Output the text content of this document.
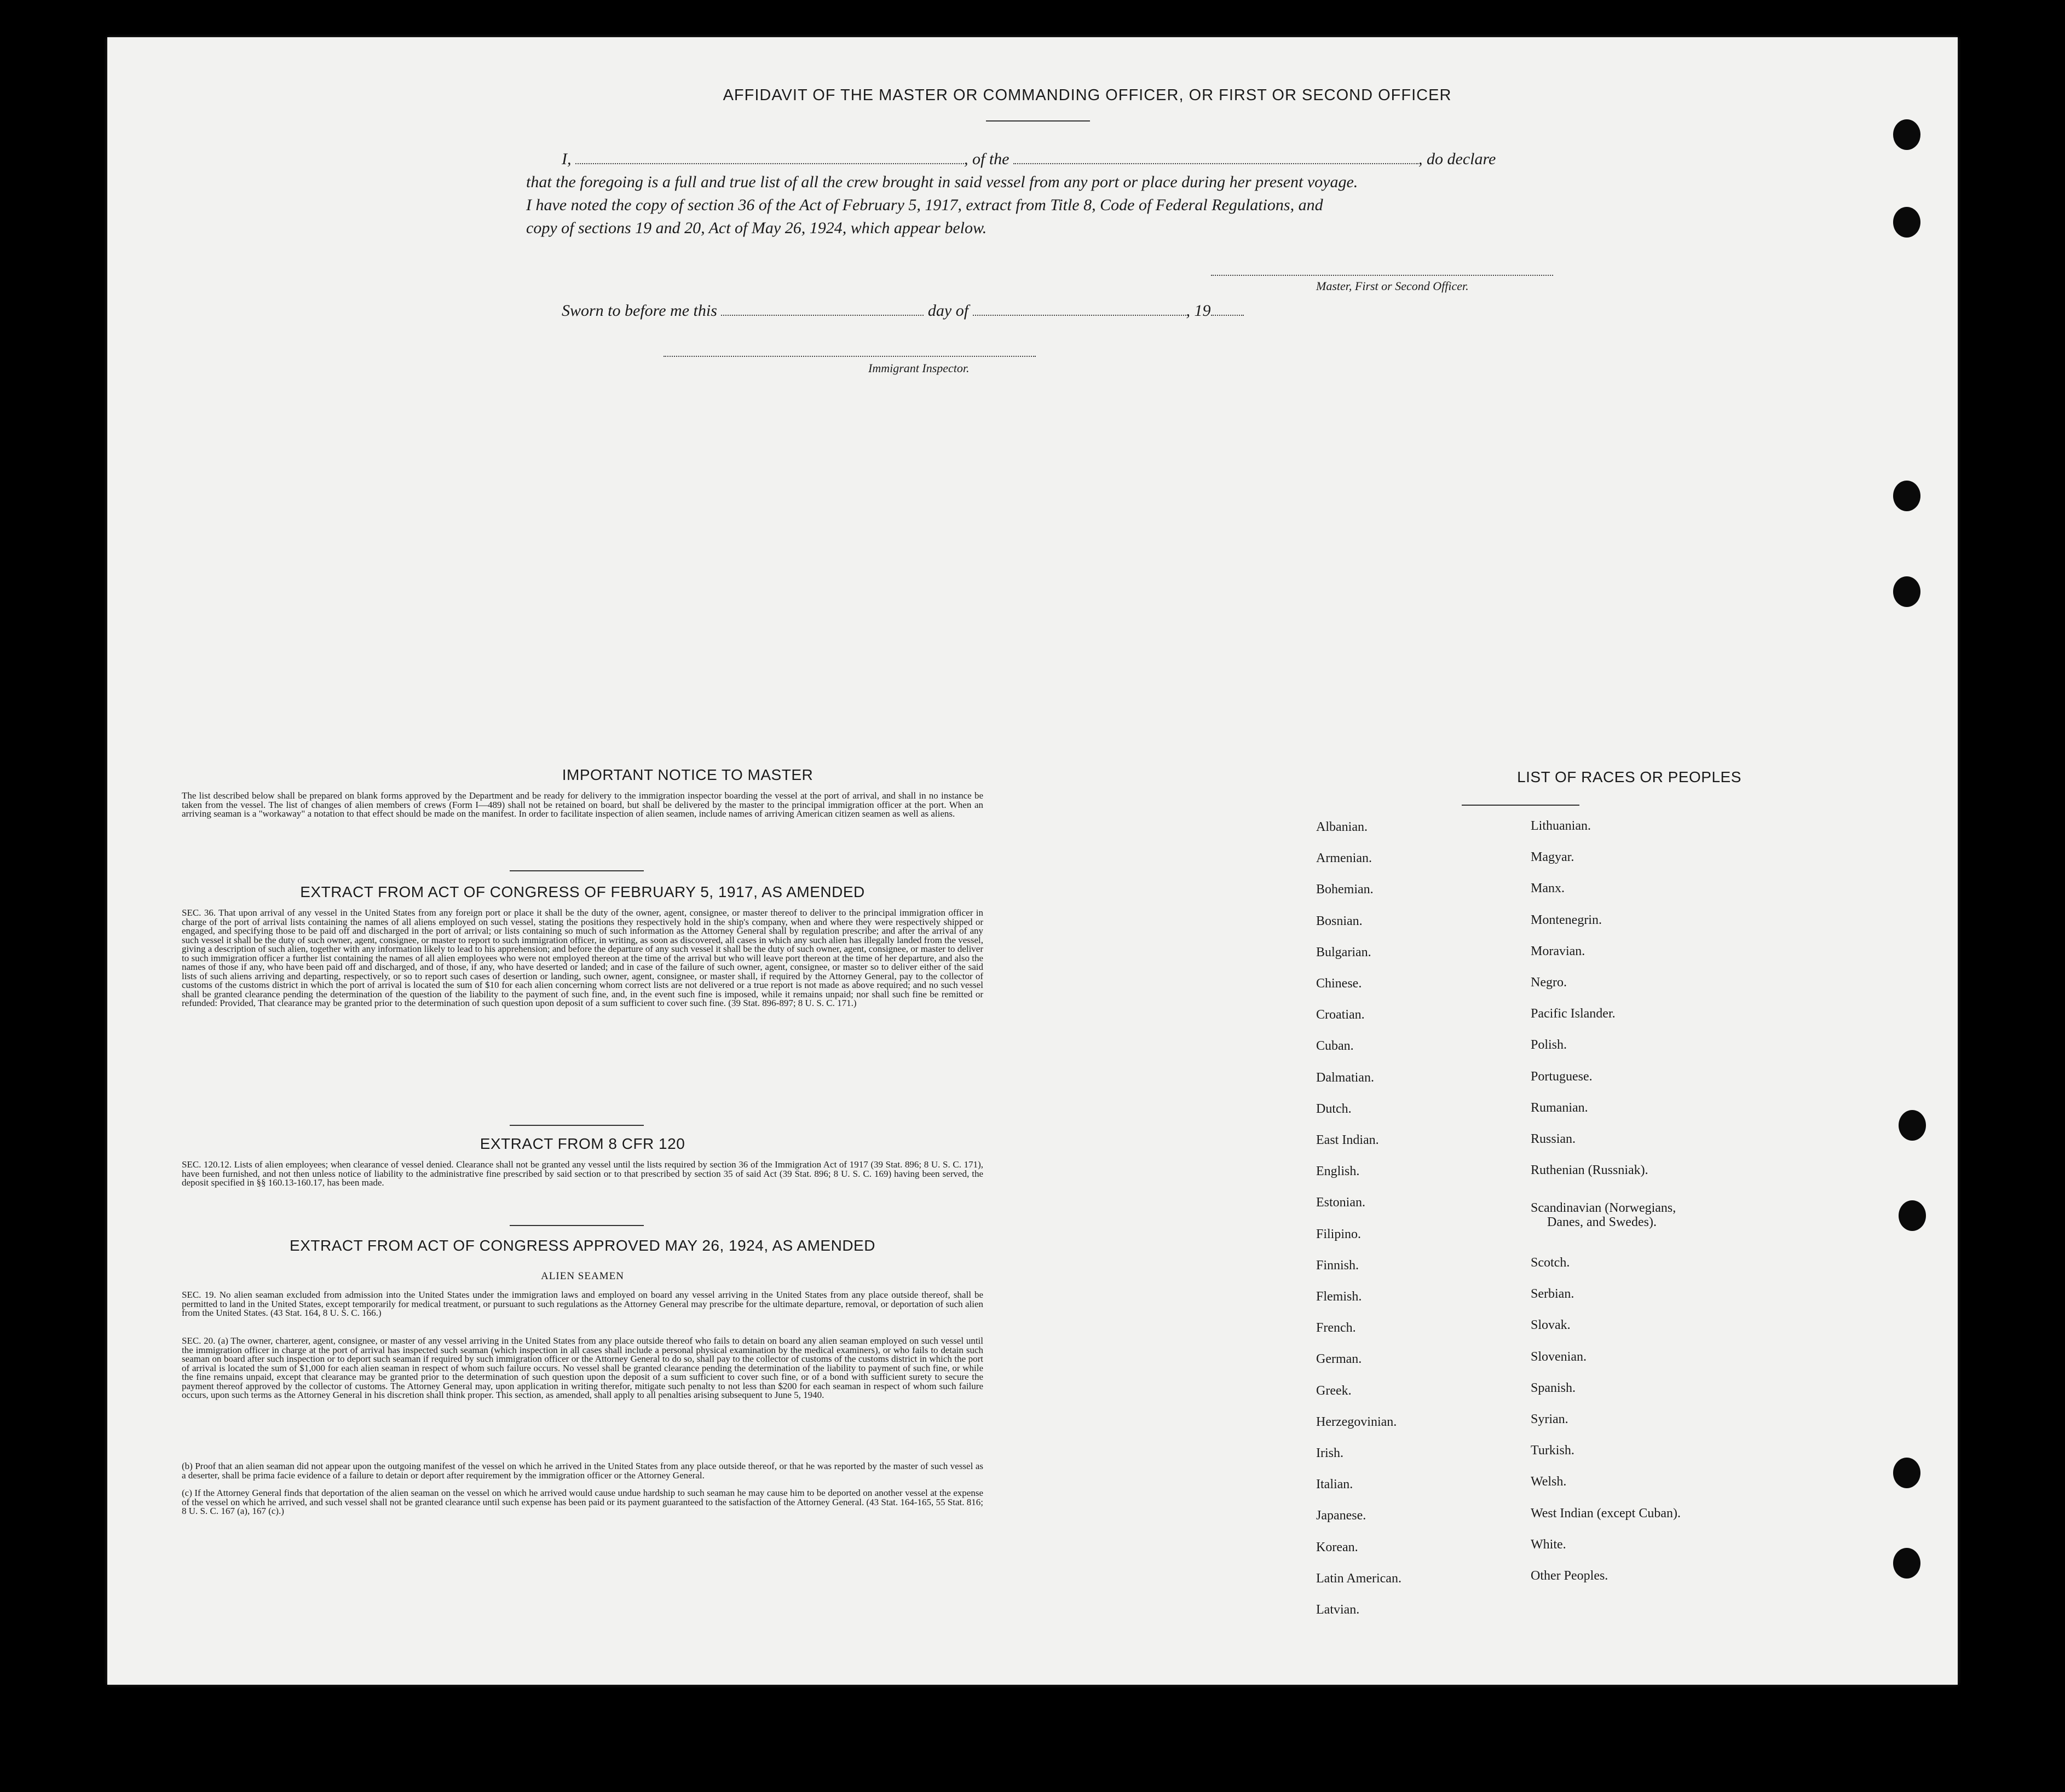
AFFIDAVIT OF THE MASTER OR COMMANDING OFFICER, OR FIRST OR SECOND OFFICER
I,	, of the	, do declare
that the foregoing is a full and true list of all the crew brought in said vessel from any port or place during her present voyage.
I have noted the copy of section 36 of the Act of February 5, 1917, extract from Title 8, Code of Federal Regulations, and
copy of sections 19 and 20, Act of May 26, 1924, which appear below.
Master, First or Second Officer.
Sworn to before me this	day of	, 19
Immigrant Inspector.
IMPORTANT NOTICE TO MASTER
The list described below shall be prepared on blank forms approved by the Department and be ready for delivery to the immigration inspector boarding the vessel at the port of arrival, and shall in no instance be taken from the vessel. The list of changes of alien members of crews (Form I—489) shall not be retained on board, but shall be delivered by the master to the principal immigration officer at the port. When an arriving seaman is a "workaway" a notation to that effect should be made on the manifest. In order to facilitate inspection of alien seamen, include names of arriving American citizen seamen as well as aliens.
EXTRACT FROM ACT OF CONGRESS OF FEBRUARY 5, 1917, AS AMENDED
SEC. 36. That upon arrival of any vessel in the United States from any foreign port or place it shall be the duty of the owner, agent, consignee, or master thereof to deliver to the principal immigration officer in charge of the port of arrival lists containing the names of all aliens employed on such vessel, stating the positions they respectively hold in the ship's company, when and where they were respectively shipped or engaged, and specifying those to be paid off and discharged in the port of arrival; or lists containing so much of such information as the Attorney General shall by regulation prescribe; and after the arrival of any such vessel it shall be the duty of such owner, agent, consignee, or master to report to such immigration officer, in writing, as soon as discovered, all cases in which any such alien has illegally landed from the vessel, giving a description of such alien, together with any information likely to lead to his apprehension; and before the departure of any such vessel it shall be the duty of such owner, agent, consignee, or master to deliver to such immigration officer a further list containing the names of all alien employees who were not employed thereon at the time of the arrival but who will leave port thereon at the time of her departure, and also the names of those if any, who have been paid off and discharged, and of those, if any, who have deserted or landed; and in case of the failure of such owner, agent, consignee, or master so to deliver either of the said lists of such aliens arriving and departing, respectively, or so to report such cases of desertion or landing, such owner, agent, consignee, or master shall, if required by the Attorney General, pay to the collector of customs of the customs district in which the port of arrival is located the sum of $10 for each alien concerning whom correct lists are not delivered or a true report is not made as above required; and no such vessel shall be granted clearance pending the determination of the question of the liability to the payment of such fine, and, in the event such fine is imposed, while it remains unpaid; nor shall such fine be remitted or refunded: Provided, That clearance may be granted prior to the determination of such question upon deposit of a sum sufficient to cover such fine. (39 Stat. 896-897; 8 U. S. C. 171.)
EXTRACT FROM 8 CFR 120
SEC. 120.12. Lists of alien employees; when clearance of vessel denied. Clearance shall not be granted any vessel until the lists required by section 36 of the Immigration Act of 1917 (39 Stat. 896; 8 U. S. C. 171), have been furnished, and not then unless notice of liability to the administrative fine prescribed by said section or to that prescribed by section 35 of said Act (39 Stat. 896; 8 U. S. C. 169) having been served, the deposit specified in §§ 160.13-160.17, has been made.
EXTRACT FROM ACT OF CONGRESS APPROVED MAY 26, 1924, AS AMENDED
ALIEN SEAMEN
SEC. 19. No alien seaman excluded from admission into the United States under the immigration laws and employed on board any vessel arriving in the United States from any place outside thereof, shall be permitted to land in the United States, except temporarily for medical treatment, or pursuant to such regulations as the Attorney General may prescribe for the ultimate departure, removal, or deportation of such alien from the United States. (43 Stat. 164, 8 U. S. C. 166.)
SEC. 20. (a) The owner, charterer, agent, consignee, or master of any vessel arriving in the United States from any place outside thereof who fails to detain on board any alien seaman employed on such vessel until the immigration officer in charge at the port of arrival has inspected such seaman (which inspection in all cases shall include a personal physical examination by the medical examiners), or who fails to detain such seaman on board after such inspection or to deport such seaman if required by such immigration officer or the Attorney General to do so, shall pay to the collector of customs of the customs district in which the port of arrival is located the sum of $1,000 for each alien seaman in respect of whom such failure occurs. No vessel shall be granted clearance pending the determination of the liability to payment of such fine, or while the fine remains unpaid, except that clearance may be granted prior to the determination of such question upon the deposit of a sum sufficient to cover such fine, or of a bond with sufficient surety to secure the payment thereof approved by the collector of customs. The Attorney General may, upon application in writing therefor, mitigate such penalty to not less than $200 for each seaman in respect of whom such failure occurs, upon such terms as the Attorney General in his discretion shall think proper. This section, as amended, shall apply to all penalties arising subsequent to June 5, 1940.
(b) Proof that an alien seaman did not appear upon the outgoing manifest of the vessel on which he arrived in the United States from any place outside thereof, or that he was reported by the master of such vessel as a deserter, shall be prima facie evidence of a failure to detain or deport after requirement by the immigration officer or the Attorney General.
(c) If the Attorney General finds that deportation of the alien seaman on the vessel on which he arrived would cause undue hardship to such seaman he may cause him to be deported on another vessel at the expense of the vessel on which he arrived, and such vessel shall not be granted clearance until such expense has been paid or its payment guaranteed to the satisfaction of the Attorney General. (43 Stat. 164-165, 55 Stat. 816; 8 U. S. C. 167 (a), 167 (c).)
LIST OF RACES OR PEOPLES
Albanian.
Armenian.
Bohemian.
Bosnian.
Bulgarian.
Chinese.
Croatian.
Cuban.
Dalmatian.
Dutch.
East Indian.
English.
Estonian.
Filipino.
Finnish.
Flemish.
French.
German.
Greek.
Herzegovinian.
Irish.
Italian.
Japanese.
Korean.
Latin American.
Latvian.
Lithuanian.
Magyar.
Manx.
Montenegrin.
Moravian.
Negro.
Pacific Islander.
Polish.
Portuguese.
Rumanian.
Russian.
Ruthenian (Russniak).
Scandinavian (Norwegians,
Danes, and Swedes).
Scotch.
Serbian.
Slovak.
Slovenian.
Spanish.
Syrian.
Turkish.
Welsh.
West Indian (except Cuban).
White.
Other Peoples.
